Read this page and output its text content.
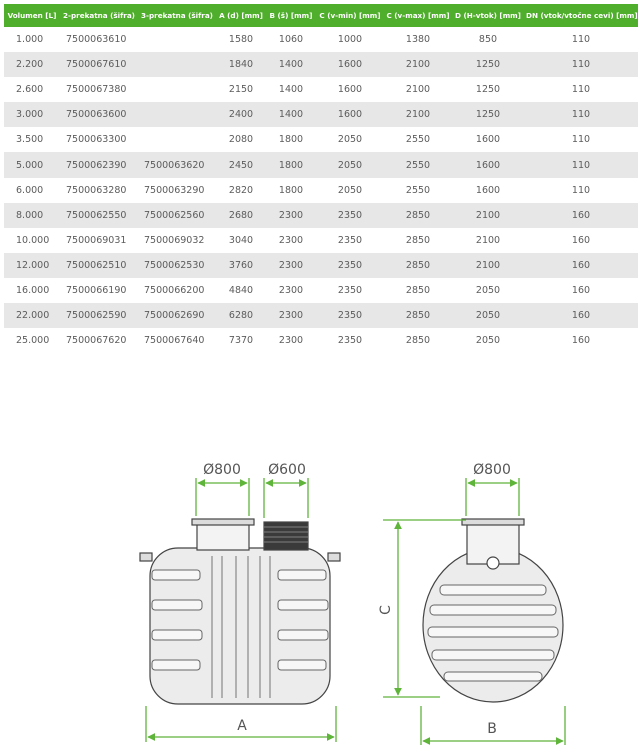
Volumen [L]	2-prekatna (šifra)	3-prekatna (šifra)	A (d) [mm]	B (š) [mm]	C (v-min) [mm]	C (v-max) [mm]	D (H-vtok) [mm]	DN (vtok/vtočne cevi) [mm]
1.000	7500063610		1580	1060	1000	1380	850	110
2.200	7500067610		1840	1400	1600	2100	1250	110
2.600	7500067380		2150	1400	1600	2100	1250	110
3.000	7500063600		2400	1400	1600	2100	1250	110
3.500	7500063300		2080	1800	2050	2550	1600	110
5.000	7500062390	7500063620	2450	1800	2050	2550	1600	110
6.000	7500063280	7500063290	2820	1800	2050	2550	1600	110
8.000	7500062550	7500062560	2680	2300	2350	2850	2100	160
10.000	7500069031	7500069032	3040	2300	2350	2850	2100	160
12.000	7500062510	7500062530	3760	2300	2350	2850	2100	160
16.000	7500066190	7500066200	4840	2300	2350	2850	2050	160
22.000	7500062590	7500062690	6280	2300	2350	2850	2050	160
25.000	7500067620	7500067640	7370	2300	2350	2850	2050	160
Ø800 Ø600	Ø800
A	B
C
